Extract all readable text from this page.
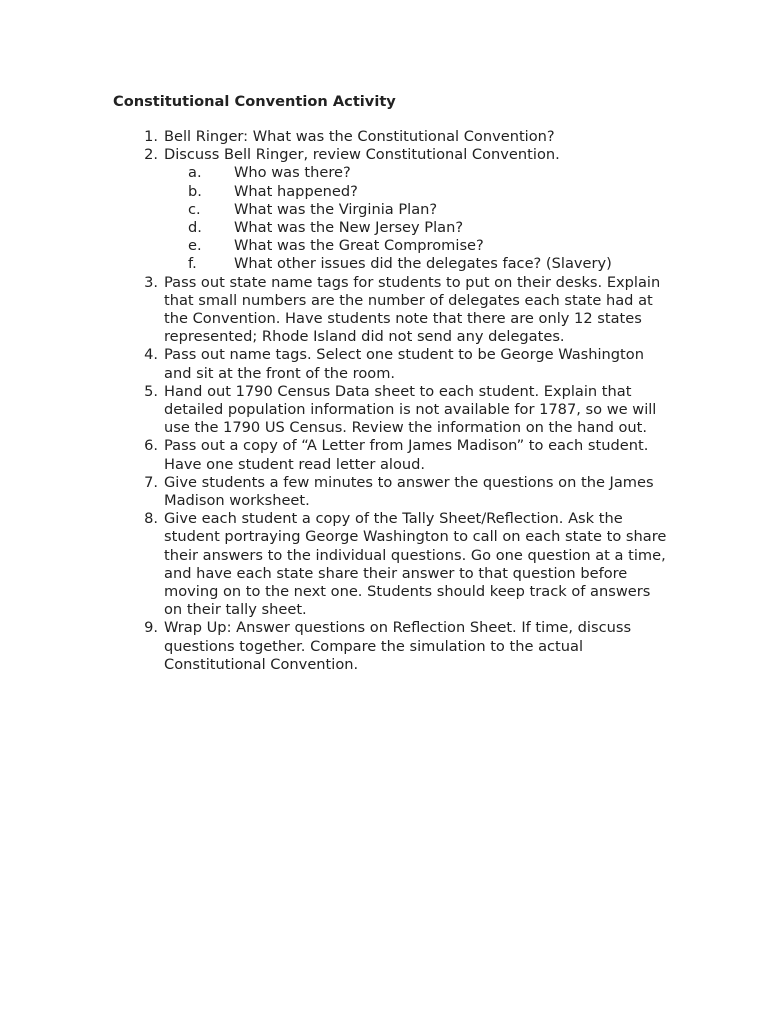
Constitutional Convention Activity
1. Bell Ringer: What was the Constitutional Convention?
2. Discuss Bell Ringer, review Constitutional Convention.
a.	Who was there?
b.	What happened?
c.	What was the Virginia Plan?
d.	What was the New Jersey Plan?
e.	What was the Great Compromise?
f.	What other issues did the delegates face? (Slavery)
3. Pass out state name tags for students to put on their desks. Explain that small numbers are the number of delegates each state had at the Convention. Have students note that there are only 12 states represented; Rhode Island did not send any delegates.
4. Pass out name tags. Select one student to be George Washington and sit at the front of the room.
5. Hand out 1790 Census Data sheet to each student. Explain that detailed population information is not available for 1787, so we will use the 1790 US Census. Review the information on the hand out.
6. Pass out a copy of “A Letter from James Madison” to each student. Have one student read letter aloud.
7. Give students a few minutes to answer the questions on the James Madison worksheet.
8. Give each student a copy of the Tally Sheet/Reflection. Ask the student portraying George Washington to call on each state to share their answers to the individual questions. Go one question at a time, and have each state share their answer to that question before moving on to the next one. Students should keep track of answers on their tally sheet.
9. Wrap Up: Answer questions on Reflection Sheet. If time, discuss questions together. Compare the simulation to the actual Constitutional Convention.
